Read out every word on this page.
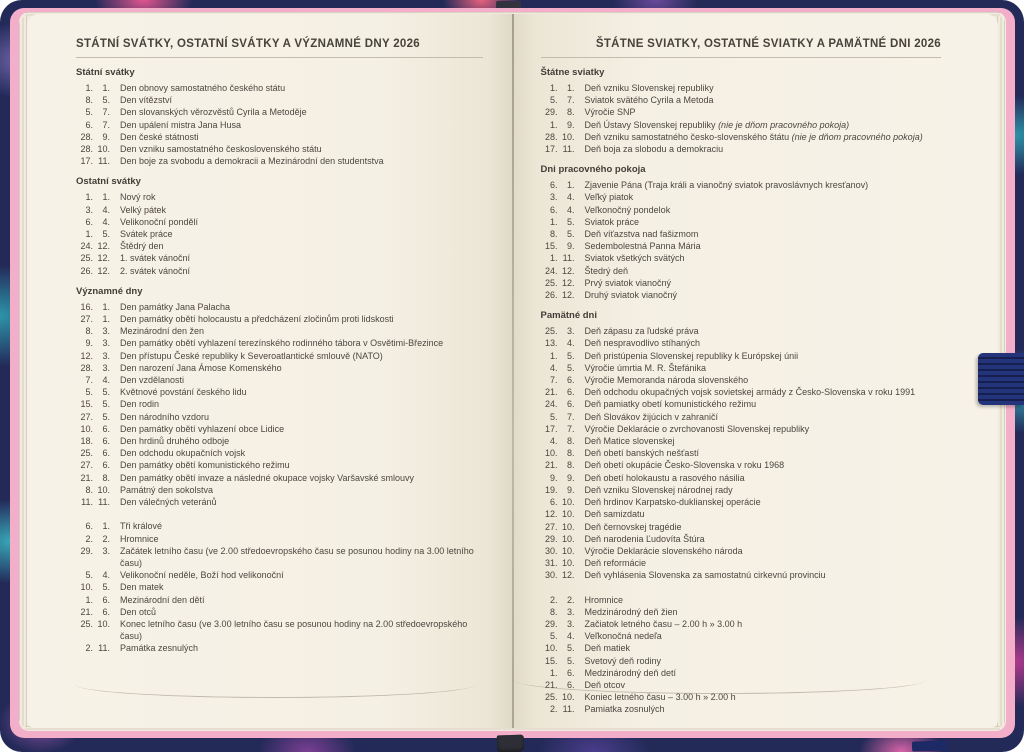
STÁTNÍ SVÁTKY, OSTATNÍ SVÁTKY A VÝZNAMNÉ DNY 2026
Státní svátky
1.	1. Den obnovy samostatného českého státu
8.	5. Den vítězství
5.	7. Den slovanských věrozvěstů Cyrila a Metoděje
6.	7. Den upálení mistra Jana Husa
28.	9. Den české státnosti
28. 10. Den vzniku samostatného československého státu
17. 11. Den boje za svobodu a demokracii a Mezinárodní den studentstva
Ostatní svátky
1.	1. Nový rok
3.	4. Velký pátek
6.	4. Velikonoční pondělí
1.	5. Svátek práce
24. 12. Štědrý den
25. 12. 1. svátek vánoční
26. 12. 2. svátek vánoční
Významné dny
16.	1. Den památky Jana Palacha
27.	1. Den památky obětí holocaustu a předcházení zločinům proti lidskosti
8.	3. Mezinárodní den žen
9.	3. Den památky obětí vyhlazení terezínského rodinného tábora v Osvětimi-Březince
12.	3. Den přístupu České republiky k Severoatlantické smlouvě (NATO)
28.	3. Den narození Jana Ámose Komenského
7.	4. Den vzdělanosti
5.	5. Květnové povstání českého lidu
15.	5. Den rodin
27.	5. Den národního vzdoru
10.	6. Den památky obětí vyhlazení obce Lidice
18.	6. Den hrdinů druhého odboje
25.	6. Den odchodu okupačních vojsk
27.	6. Den památky obětí komunistického režimu
21.	8. Den památky obětí invaze a následné okupace vojsky Varšavské smlouvy
8. 10. Památný den sokolstva
11. 11. Den válečných veteránů
6.	1. Tři králové
2.	2. Hromnice
29.	3. Začátek letního času (ve 2.00 středoevropského času se posunou hodiny na 3.00 letního času)
5.	4. Velikonoční neděle, Boží hod velikonoční
10.	5. Den matek
1.	6. Mezinárodní den dětí
21.	6. Den otců
25. 10. Konec letního času (ve 3.00 letního času se posunou hodiny na 2.00 středoevropského času)
2. 11. Památka zesnulých
ŠTÁTNE SVIATKY, OSTATNÉ SVIATKY A PAMÄTNÉ DNI 2026
Štátne sviatky
1.	1. Deň vzniku Slovenskej republiky
5.	7. Sviatok svätého Cyrila a Metoda
29.	8. Výročie SNP
1.	9. Deň Ústavy Slovenskej republiky (nie je dňom pracovného pokoja)
28. 10. Deň vzniku samostatného česko-slovenského štátu (nie je dňom pracovného pokoja)
17. 11. Deň boja za slobodu a demokraciu
Dni pracovného pokoja
6.	1. Zjavenie Pána (Traja králi a vianočný sviatok pravoslávnych kresťanov)
3.	4. Veľký piatok
6.	4. Veľkonočný pondelok
1.	5. Sviatok práce
8.	5. Deň víťazstva nad fašizmom
15.	9. Sedembolestná Panna Mária
1. 11. Sviatok všetkých svätých
24. 12. Štedrý deň
25. 12. Prvý sviatok vianočný
26. 12. Druhý sviatok vianočný
Pamätné dni
25.	3. Deň zápasu za ľudské práva
13.	4. Deň nespravodlivo stíhaných
1.	5. Deň pristúpenia Slovenskej republiky k Európskej únii
4.	5. Výročie úmrtia M. R. Štefánika
7.	6. Výročie Memoranda národa slovenského
21.	6. Deň odchodu okupačných vojsk sovietskej armády z Česko-Slovenska v roku 1991
24.	6. Deň pamiatky obetí komunistického režimu
5.	7. Deň Slovákov žijúcich v zahraničí
17.	7. Výročie Deklarácie o zvrchovanosti Slovenskej republiky
4.	8. Deň Matice slovenskej
10.	8. Deň obetí banských nešťastí
21.	8. Deň obetí okupácie Česko-Slovenska v roku 1968
9.	9. Deň obetí holokaustu a rasového násilia
19.	9. Deň vzniku Slovenskej národnej rady
6. 10. Deň hrdinov Karpatsko-duklianskej operácie
12. 10. Deň samizdatu
27. 10. Deň černovskej tragédie
29. 10. Deň narodenia Ľudovíta Štúra
30. 10. Výročie Deklarácie slovenského národa
31. 10. Deň reformácie
30. 12. Deň vyhlásenia Slovenska za samostatnú cirkevnú provinciu
2.	2. Hromnice
8.	3. Medzinárodný deň žien
29.	3. Začiatok letného času – 2.00 h » 3.00 h
5.	4. Veľkonočná nedeľa
10.	5. Deň matiek
15.	5. Svetový deň rodiny
1.	6. Medzinárodný deň detí
21.	6. Deň otcov
25. 10. Koniec letného času – 3.00 h » 2.00 h
2. 11. Pamiatka zosnulých
